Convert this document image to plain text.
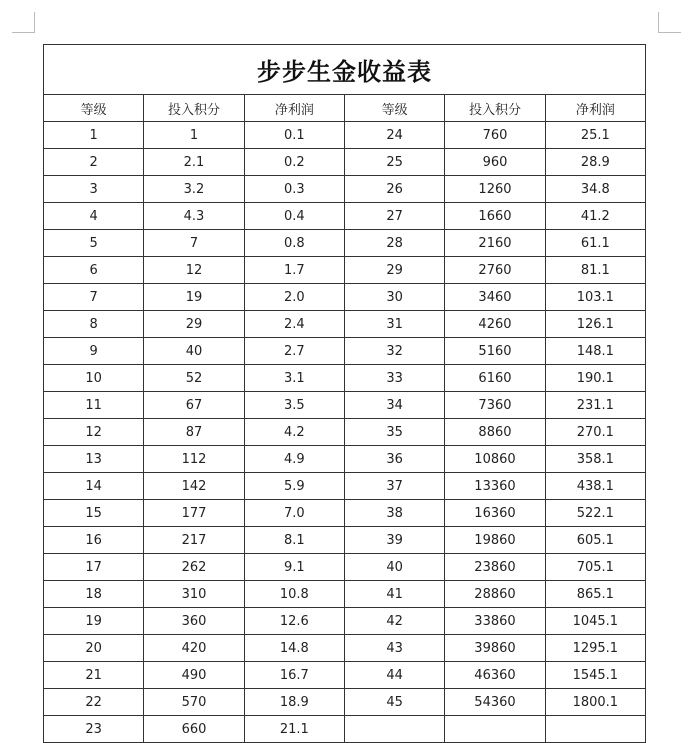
步步生金收益表					
等级	投入积分	净利润	等级	投入积分	净利润
1	1	0.1	24	760	25.1
2	2.1	0.2	25	960	28.9
3	3.2	0.3	26	1260	34.8
4	4.3	0.4	27	1660	41.2
5	7	0.8	28	2160	61.1
6	12	1.7	29	2760	81.1
7	19	2.0	30	3460	103.1
8	29	2.4	31	4260	126.1
9	40	2.7	32	5160	148.1
10	52	3.1	33	6160	190.1
11	67	3.5	34	7360	231.1
12	87	4.2	35	8860	270.1
13	112	4.9	36	10860	358.1
14	142	5.9	37	13360	438.1
15	177	7.0	38	16360	522.1
16	217	8.1	39	19860	605.1
17	262	9.1	40	23860	705.1
18	310	10.8	41	28860	865.1
19	360	12.6	42	33860	1045.1
20	420	14.8	43	39860	1295.1
21	490	16.7	44	46360	1545.1
22	570	18.9	45	54360	1800.1
23	660	21.1			
